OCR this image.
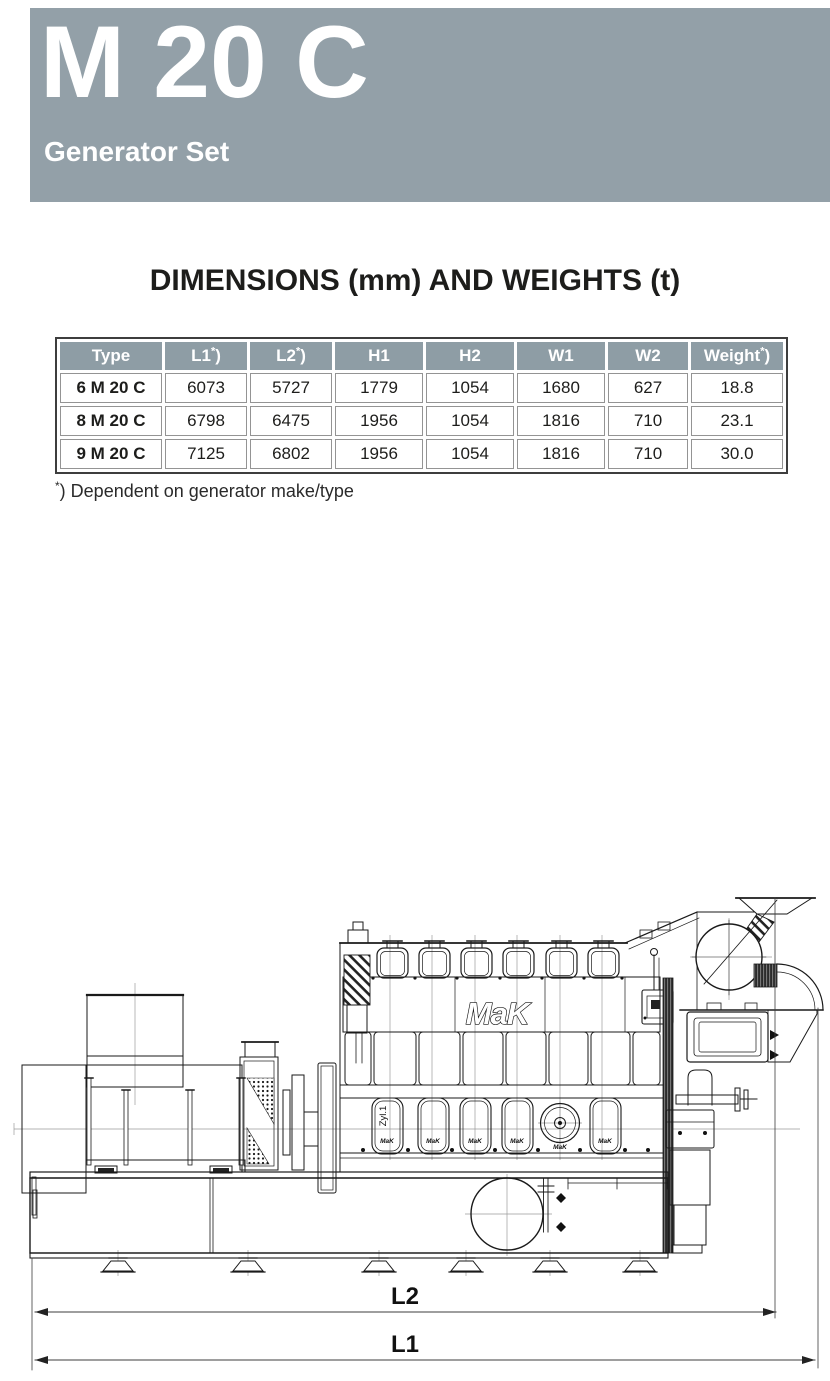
M 20 C
Generator Set
DIMENSIONS (mm) AND WEIGHTS (t)
Type	L1*)	L2*)	H1	H2	W1	W2	Weight*)
6 M 20 C	6073	5727	1779	1054	1680	627	18.8
8 M 20 C	6798	6475	1956	1054	1816	710	23.1
9 M 20 C	7125	6802	1956	1054	1816	710	30.0

*) Dependent on generator make/type

MaK
Zyl.1
MaK	MaK	MaK	MaK
MaK
MaK
L2
L1
